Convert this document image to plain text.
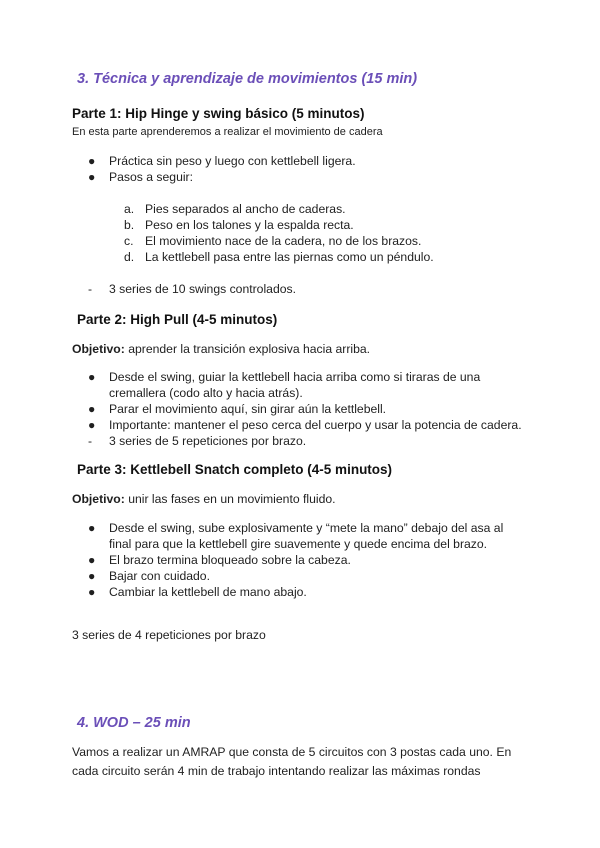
3. Técnica y aprendizaje de movimientos (15 min)
Parte 1: Hip Hinge y swing básico (5 minutos)

En esta parte aprenderemos a realizar el movimiento de cadera

●	Práctica sin peso y luego con kettlebell ligera.
●	Pasos a seguir:
a. Pies separados al ancho de caderas.
b. Peso en los talones y la espalda recta.
c. El movimiento nace de la cadera, no de los brazos.
d. La kettlebell pasa entre las piernas como un péndulo.
-	3 series de 10 swings controlados.
Parte 2: High Pull (4-5 minutos)

Objetivo: aprender la transición explosiva hacia arriba.

●	Desde el swing, guiar la kettlebell hacia arriba como si tiraras de una cremallera (codo alto y hacia atrás).
●	Parar el movimiento aquí, sin girar aún la kettlebell.
●	Importante: mantener el peso cerca del cuerpo y usar la potencia de cadera.
-	3 series de 5 repeticiones por brazo.
Parte 3: Kettlebell Snatch completo (4-5 minutos)

Objetivo: unir las fases en un movimiento fluido.

●	Desde el swing, sube explosivamente y “mete la mano” debajo del asa al final para que la kettlebell gire suavemente y quede encima del brazo.
●	El brazo termina bloqueado sobre la cabeza.
●	Bajar con cuidado.
●	Cambiar la kettlebell de mano abajo.

3 series de 4 repeticiones por brazo

4. WOD – 25 min

Vamos a realizar un AMRAP que consta de 5 circuitos con 3 postas cada uno. En cada circuito serán 4 min de trabajo intentando realizar las máximas rondas
